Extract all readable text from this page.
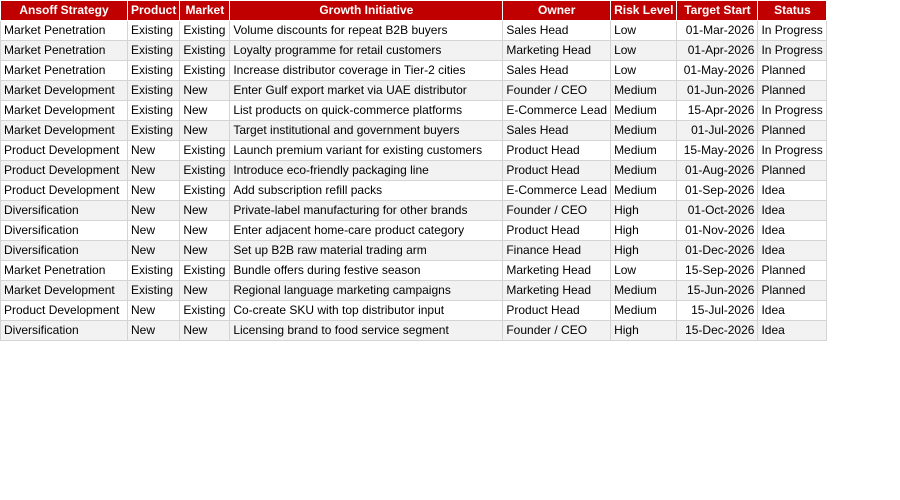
Ansoff Strategy	Product	Market	Growth Initiative	Owner	Risk Level	Target Start	Status
Market Penetration	Existing	Existing	Volume discounts for repeat B2B buyers	Sales Head	Low	01-Mar-2026	In Progress
Market Penetration	Existing	Existing	Loyalty programme for retail customers	Marketing Head	Low	01-Apr-2026	In Progress
Market Penetration	Existing	Existing	Increase distributor coverage in Tier-2 cities	Sales Head	Low	01-May-2026	Planned
Market Development	Existing	New	Enter Gulf export market via UAE distributor	Founder / CEO	Medium	01-Jun-2026	Planned
Market Development	Existing	New	List products on quick-commerce platforms	E-Commerce Lead	Medium	15-Apr-2026	In Progress
Market Development	Existing	New	Target institutional and government buyers	Sales Head	Medium	01-Jul-2026	Planned
Product Development	New	Existing	Launch premium variant for existing customers	Product Head	Medium	15-May-2026	In Progress
Product Development	New	Existing	Introduce eco-friendly packaging line	Product Head	Medium	01-Aug-2026	Planned
Product Development	New	Existing	Add subscription refill packs	E-Commerce Lead	Medium	01-Sep-2026	Idea
Diversification	New	New	Private-label manufacturing for other brands	Founder / CEO	High	01-Oct-2026	Idea
Diversification	New	New	Enter adjacent home-care product category	Product Head	High	01-Nov-2026	Idea
Diversification	New	New	Set up B2B raw material trading arm	Finance Head	High	01-Dec-2026	Idea
Market Penetration	Existing	Existing	Bundle offers during festive season	Marketing Head	Low	15-Sep-2026	Planned
Market Development	Existing	New	Regional language marketing campaigns	Marketing Head	Medium	15-Jun-2026	Planned
Product Development	New	Existing	Co-create SKU with top distributor input	Product Head	Medium	15-Jul-2026	Idea
Diversification	New	New	Licensing brand to food service segment	Founder / CEO	High	15-Dec-2026	Idea
